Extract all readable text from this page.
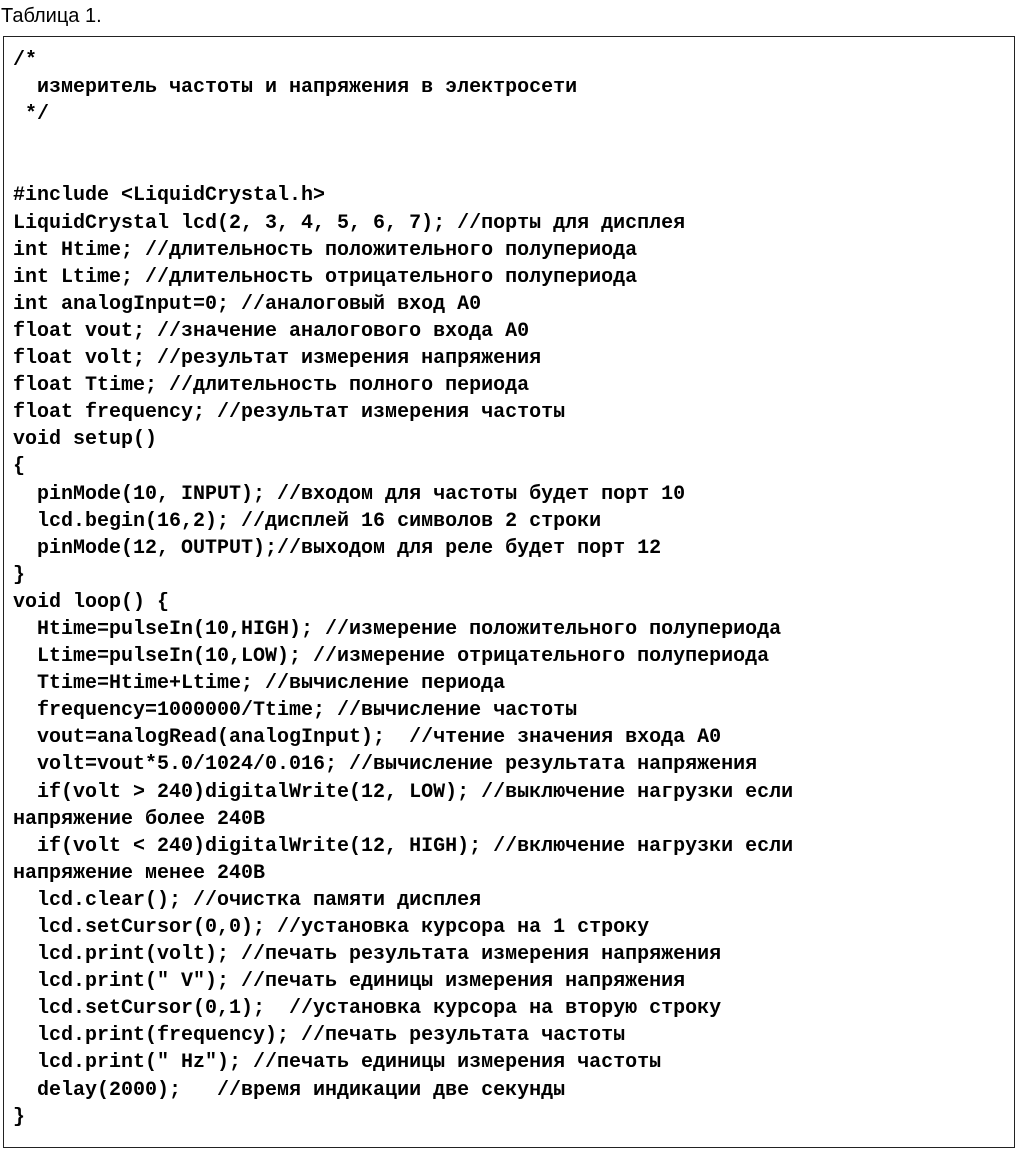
Таблица 1.
/*
измеритель частоты и напряжения в электросети
*/
#include <LiquidCrystal.h>
LiquidCrystal lcd(2, 3, 4, 5, 6, 7); //порты для дисплея
int Htime; //длительность положительного полупериода
int Ltime; //длительность отрицательного полупериода
int analogInput=0; //аналоговый вход A0
float vout; //значение аналогового входа A0
float volt; //результат измерения напряжения
float Ttime; //длительность полного периода
float frequency; //результат измерения частоты
void setup()
{
pinMode(10, INPUT); //входом для частоты будет порт 10
lcd.begin(16,2); //дисплей 16 символов 2 строки
pinMode(12, OUTPUT);//выходом для реле будет порт 12
}
void loop() {
Htime=pulseIn(10,HIGH); //измерение положительного полупериода
Ltime=pulseIn(10,LOW); //измерение отрицательного полупериода
Ttime=Htime+Ltime; //вычисление периода
frequency=1000000/Ttime; //вычисление частоты
vout=analogRead(analogInput);  //чтение значения входа A0
volt=vout*5.0/1024/0.016; //вычисление результата напряжения
if(volt > 240)digitalWrite(12, LOW); //выключение нагрузки если
напряжение более 240В
if(volt < 240)digitalWrite(12, HIGH); //включение нагрузки если
напряжение менее 240В
lcd.clear(); //очистка памяти дисплея
lcd.setCursor(0,0); //установка курсора на 1 строку
lcd.print(volt); //печать результата измерения напряжения
lcd.print(" V"); //печать единицы измерения напряжения
lcd.setCursor(0,1);  //установка курсора на вторую строку
lcd.print(frequency); //печать результата частоты
lcd.print(" Hz"); //печать единицы измерения частоты
delay(2000);   //время индикации две секунды
}
